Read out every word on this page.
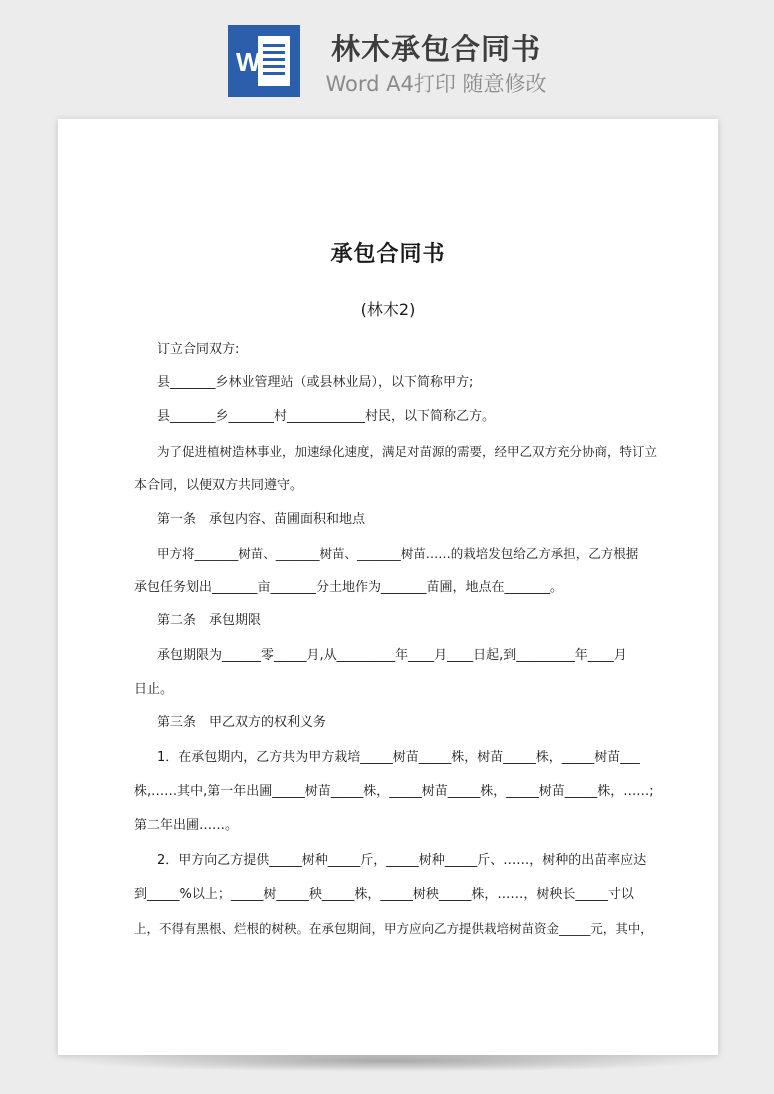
W	林木承包合同书
Word A4打印 随意修改
承包合同书
(林木2)
订立合同双方:
县_______乡林业管理站（或县林业局），以下简称甲方;
县_______乡_______村____________村民，以下简称乙方。
为了促进植树造林事业，加速绿化速度，满足对苗源的需要，经甲乙双方充分协商，特订立
本合同，以便双方共同遵守。
第一条　承包内容、苗圃面积和地点
甲方将_______树苗、_______树苗、_______树苗……的栽培发包给乙方承担，乙方根据
承包任务划出_______亩_______分土地作为_______苗圃，地点在_______。
第二条　承包期限
承包期限为______零_____月,从_________年____月____日起,到_________年____月
日止。
第三条　甲乙双方的权利义务
1．在承包期内，乙方共为甲方栽培_____树苗_____株，树苗_____株，_____树苗___
株,……其中,第一年出圃_____树苗_____株，_____树苗_____株，_____树苗_____株，……;
第二年出圃……。
2．甲方向乙方提供_____树种_____斤，_____树种_____斤、……，树种的出苗率应达
到_____%以上；_____树_____秧_____株，_____树秧_____株，……，树秧长_____寸以
上，不得有黑根、烂根的树秧。在承包期间，甲方应向乙方提供栽培树苗资金_____元，其中，
